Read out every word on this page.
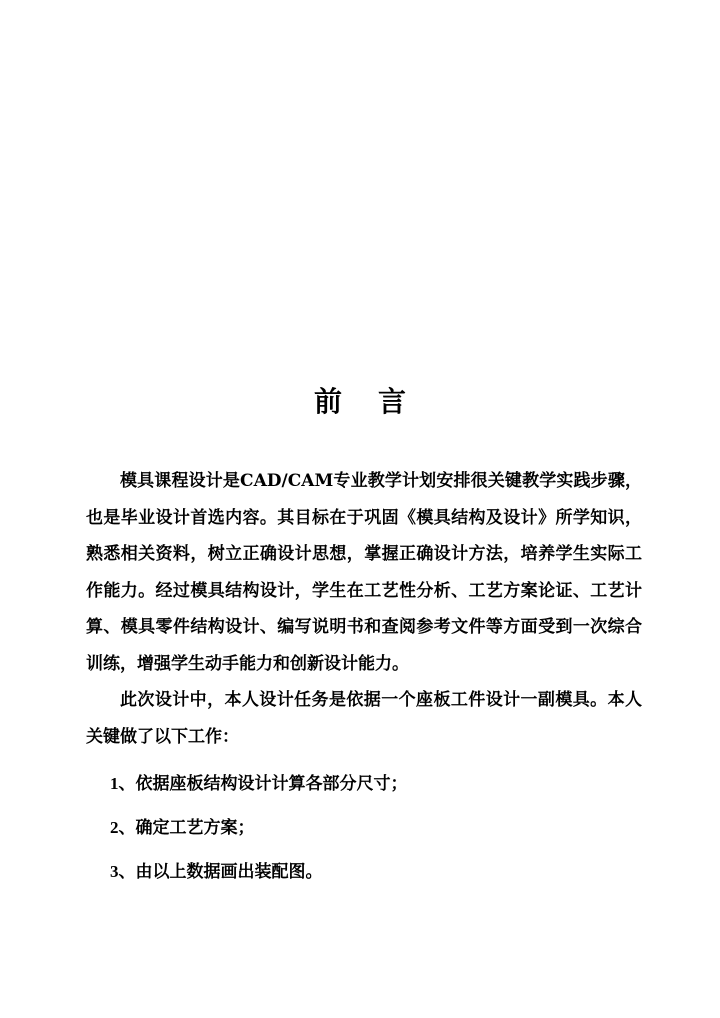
前言

模具课程设计是CAD/CAM专业教学计划安排很关键教学实践步骤，也是毕业设计首选内容。其目标在于巩固《模具结构及设计》所学知识，熟悉相关资料，树立正确设计思想，掌握正确设计方法，培养学生实际工作能力。经过模具结构设计，学生在工艺性分析、工艺方案论证、工艺计算、模具零件结构设计、编写说明书和查阅参考文件等方面受到一次综合训练，增强学生动手能力和创新设计能力。

此次设计中，本人设计任务是依据一个座板工件设计一副模具。本人关键做了以下工作：

1、依据座板结构设计计算各部分尺寸；
2、确定工艺方案；
3、由以上数据画出装配图。
